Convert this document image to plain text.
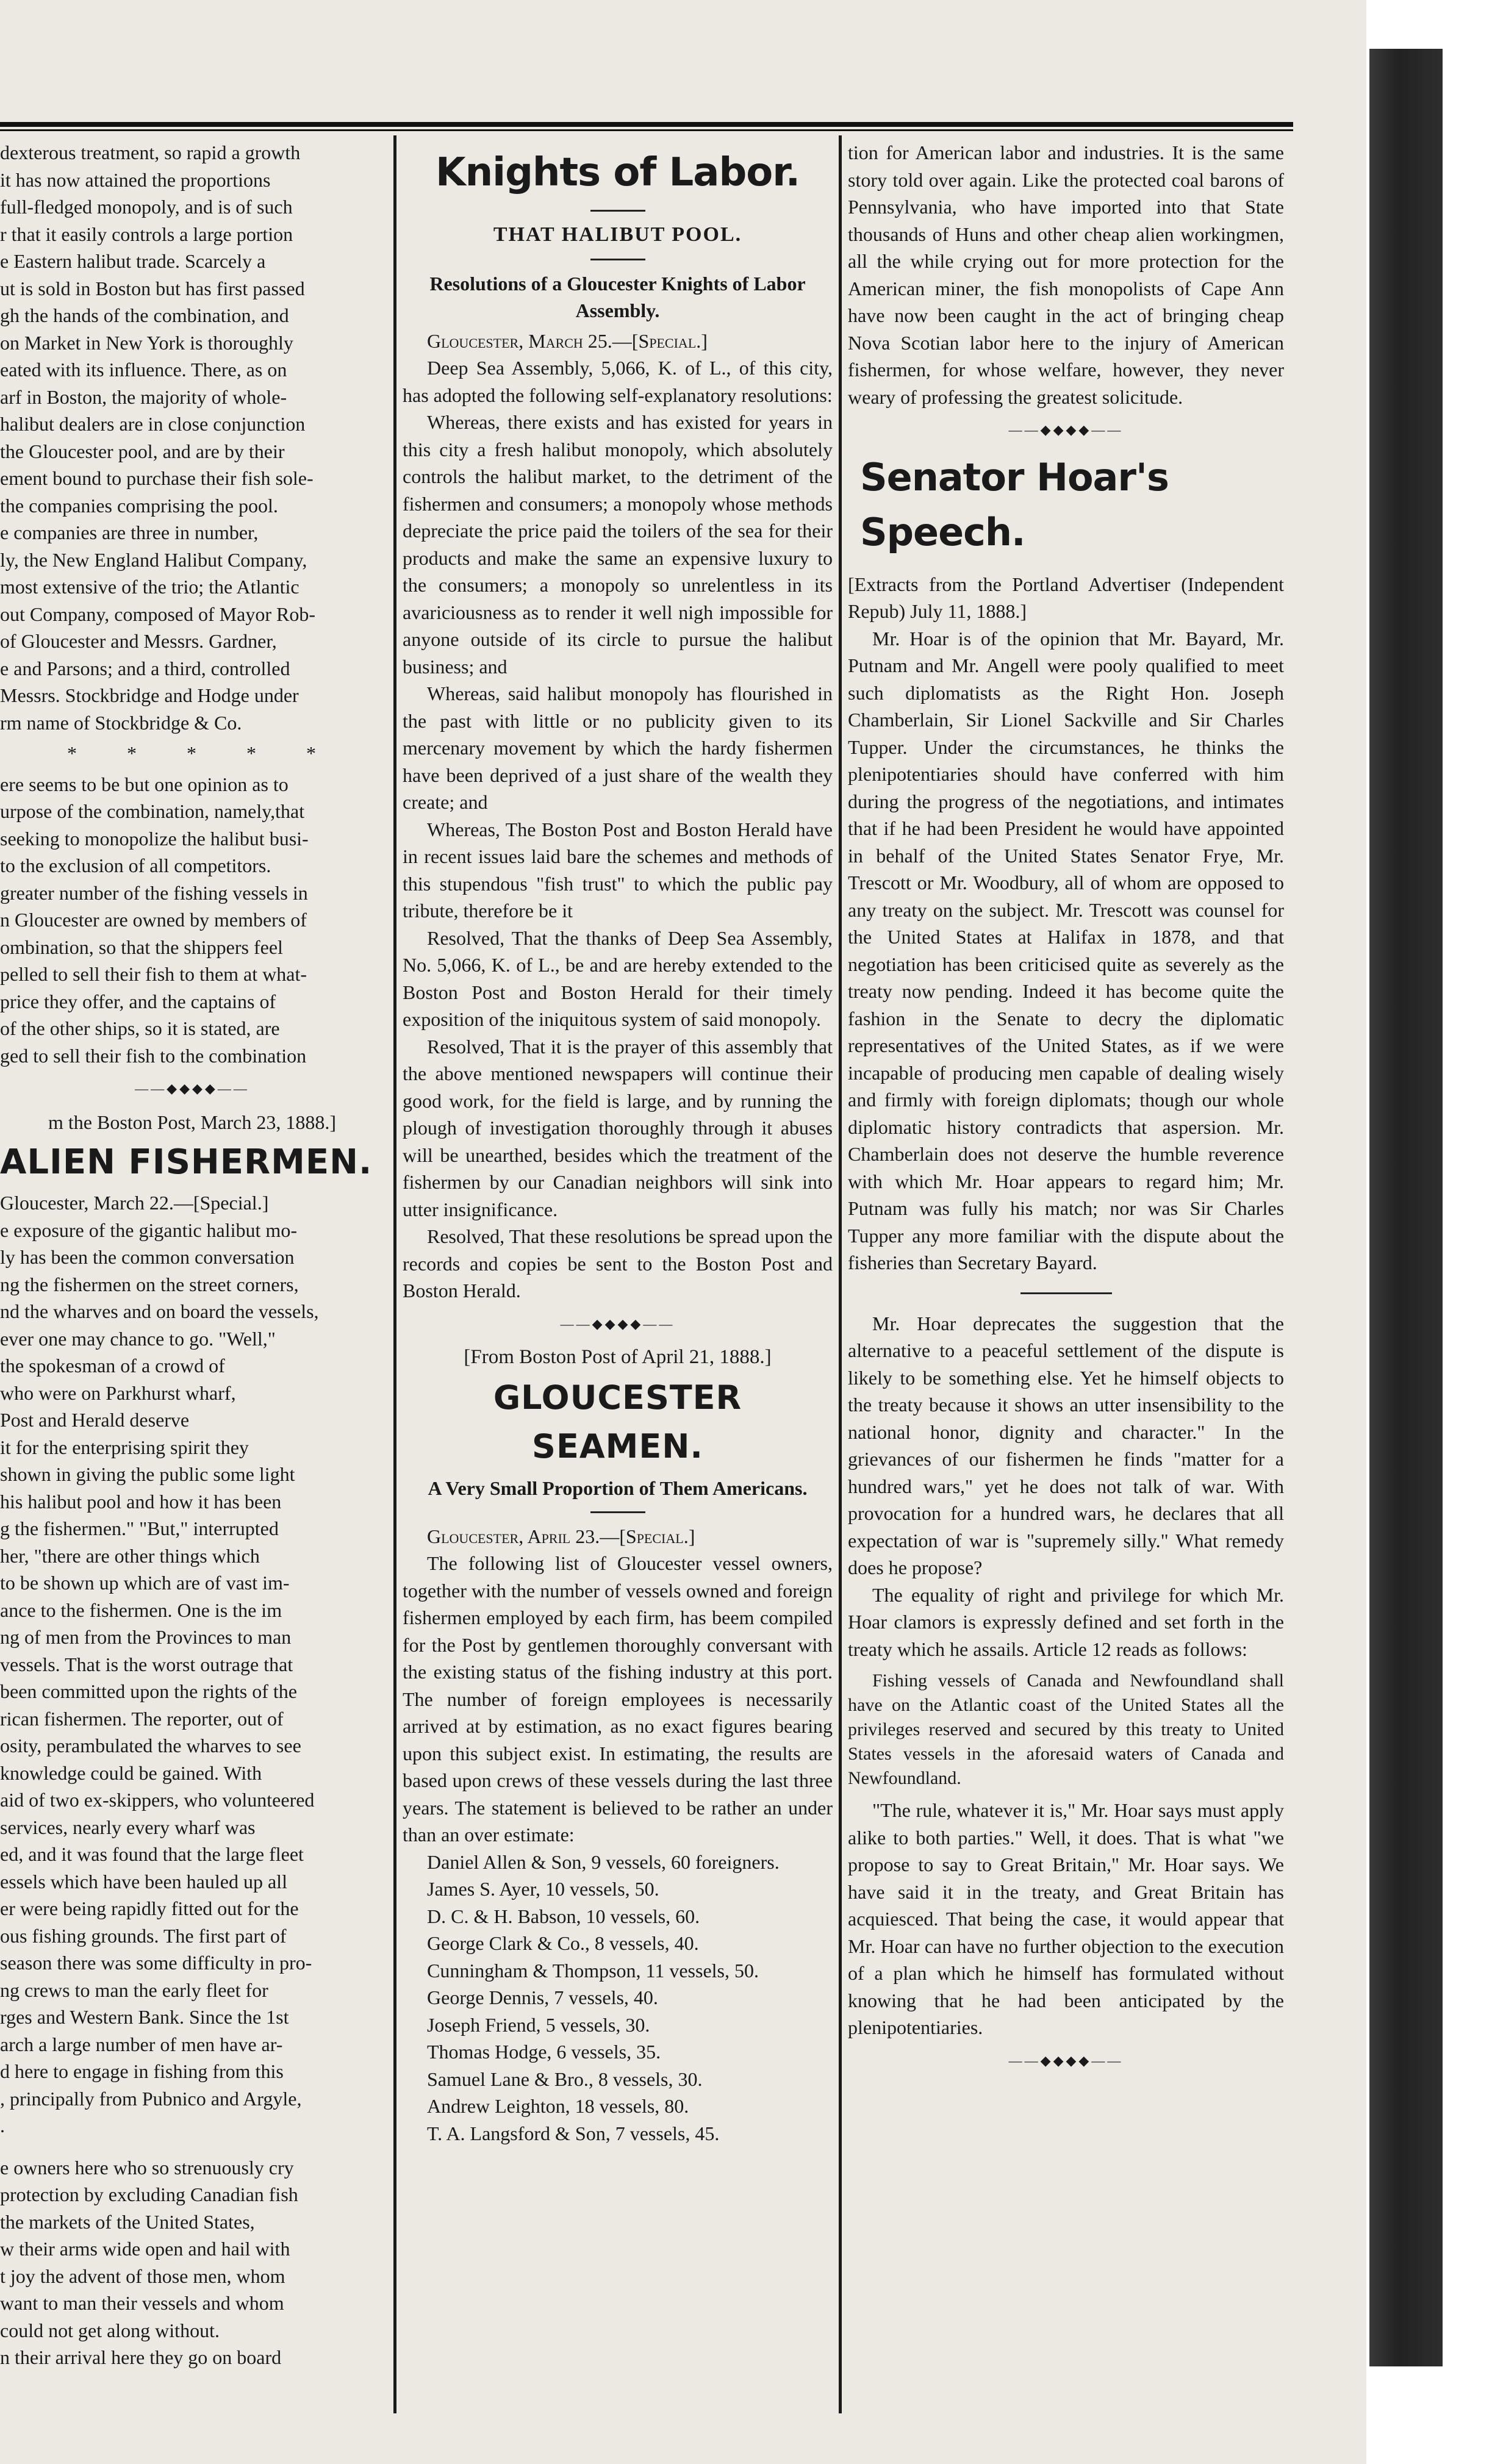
dexterous treatment, so rapid a growth

it has now attained the proportions

full-fledged monopoly, and is of such

r that it easily controls a large portion

e Eastern halibut trade. Scarcely a

ut is sold in Boston but has first passed

gh the hands of the combination, and

on Market in New York is thoroughly

eated with its influence. There, as on

arf in Boston, the majority of whole-

halibut dealers are in close conjunction

the Gloucester pool, and are by their

ement bound to purchase their fish sole-

the companies comprising the pool.

e companies are three in number,

ly, the New England Halibut Company,

most extensive of the trio; the Atlantic

out Company, composed of Mayor Rob-

of Gloucester and Messrs. Gardner,

e and Parsons; and a third, controlled

Messrs. Stockbridge and Hodge under

rm name of Stockbridge & Co.

*        *        *        *        *

ere seems to be but one opinion as to

urpose of the combination, namely,that

seeking to monopolize the halibut busi-

to the exclusion of all competitors.

greater number of the fishing vessels in

n Gloucester are owned by members of

ombination, so that the shippers feel

pelled to sell their fish to them at what-

price they offer, and the captains of

of the other ships, so it is stated, are

ged to sell their fish to the combination

——◆◆◆◆——

m the Boston Post, March 23, 1888.]

ALIEN FISHERMEN.

Gloucester, March 22.—[Special.]

e exposure of the gigantic halibut mo-

ly has been the common conversation

ng the fishermen on the street corners,

nd the wharves and on board the vessels,

ever one may chance to go. "Well,"

the spokesman of a crowd of

who were on Parkhurst wharf,

Post and Herald deserve

it for the enterprising spirit they

shown in giving the public some light

his halibut pool and how it has been

g the fishermen." "But," interrupted

her, "there are other things which

to be shown up which are of vast im-

ance to the fishermen. One is the im

ng of men from the Provinces to man

vessels. That is the worst outrage that

been committed upon the rights of the

rican fishermen. The reporter, out of

osity, perambulated the wharves to see

knowledge could be gained. With

aid of two ex-skippers, who volunteered

services, nearly every wharf was

ed, and it was found that the large fleet

essels which have been hauled up all

er were being rapidly fitted out for the

ous fishing grounds. The first part of

season there was some difficulty in pro-

ng crews to man the early fleet for

rges and Western Bank. Since the 1st

arch a large number of men have ar-

d here to engage in fishing from this

, principally from Pubnico and Argyle,

.

e owners here who so strenuously cry

protection by excluding Canadian fish

the markets of the United States,

w their arms wide open and hail with

t joy the advent of those men, whom

want to man their vessels and whom

could not get along without.

n their arrival here they go on board

Knights of Labor.
THAT HALIBUT POOL.
Resolutions of a Gloucester Knights of Labor Assembly.

Gloucester, March 25.—[Special.]

Deep Sea Assembly, 5,066, K. of L., of this city, has adopted the following self-explanatory resolutions:

Whereas, there exists and has existed for years in this city a fresh halibut monopoly, which absolutely controls the halibut market, to the detriment of the fishermen and consumers; a monopoly whose methods depreciate the price paid the toilers of the sea for their products and make the same an expensive luxury to the consumers; a monopoly so unrelentless in its avariciousness as to render it well nigh impossible for anyone outside of its circle to pursue the halibut business; and

Whereas, said halibut monopoly has flourished in the past with little or no publicity given to its mercenary movement by which the hardy fishermen have been deprived of a just share of the wealth they create; and

Whereas, The Boston Post and Boston Herald have in recent issues laid bare the schemes and methods of this stupendous "fish trust" to which the public pay tribute, therefore be it

Resolved, That the thanks of Deep Sea Assembly, No. 5,066, K. of L., be and are hereby extended to the Boston Post and Boston Herald for their timely exposition of the iniquitous system of said monopoly.

Resolved, That it is the prayer of this assembly that the above mentioned newspapers will continue their good work, for the field is large, and by running the plough of investigation thoroughly through it abuses will be unearthed, besides which the treatment of the fishermen by our Canadian neighbors will sink into utter insignificance.

Resolved, That these resolutions be spread upon the records and copies be sent to the Boston Post and Boston Herald.

——◆◆◆◆——

[From Boston Post of April 21, 1888.]

GLOUCESTER SEAMEN.
A Very Small Proportion of Them Americans.

Gloucester, April 23.—[Special.]

The following list of Gloucester vessel owners, together with the number of vessels owned and foreign fishermen employed by each firm, has beem compiled for the Post by gentlemen thoroughly conversant with the existing status of the fishing industry at this port. The number of foreign employees is necessarily arrived at by estimation, as no exact figures bearing upon this subject exist. In estimating, the results are based upon crews of these vessels during the last three years. The statement is believed to be rather an under than an over estimate:

Daniel Allen & Son, 9 vessels, 60 foreigners.

James S. Ayer, 10 vessels, 50.

D. C. & H. Babson, 10 vessels, 60.

George Clark & Co., 8 vessels, 40.

Cunningham & Thompson, 11 vessels, 50.

George Dennis, 7 vessels, 40.

Joseph Friend, 5 vessels, 30.

Thomas Hodge, 6 vessels, 35.

Samuel Lane & Bro., 8 vessels, 30.

Andrew Leighton, 18 vessels, 80.

T. A. Langsford & Son, 7 vessels, 45.

tion for American labor and industries. It is the same story told over again. Like the protected coal barons of Pennsylvania, who have imported into that State thousands of Huns and other cheap alien workingmen, all the while crying out for more protection for the American miner, the fish monopolists of Cape Ann have now been caught in the act of bringing cheap Nova Scotian labor here to the injury of American fishermen, for whose welfare, however, they never weary of professing the greatest solicitude.

——◆◆◆◆——
Senator Hoar's Speech.

[Extracts from the Portland Advertiser (Independent Repub) July 11, 1888.]

Mr. Hoar is of the opinion that Mr. Bayard, Mr. Putnam and Mr. Angell were pooly qualified to meet such diplomatists as the Right Hon. Joseph Chamberlain, Sir Lionel Sackville and Sir Charles Tupper. Under the circumstances, he thinks the plenipotentiaries should have conferred with him during the progress of the negotiations, and intimates that if he had been President he would have appointed in behalf of the United States Senator Frye, Mr. Trescott or Mr. Woodbury, all of whom are opposed to any treaty on the subject. Mr. Trescott was counsel for the United States at Halifax in 1878, and that negotiation has been criticised quite as severely as the treaty now pending. Indeed it has become quite the fashion in the Senate to decry the diplomatic representatives of the United States, as if we were incapable of producing men capable of dealing wisely and firmly with foreign diplomats; though our whole diplomatic history contradicts that aspersion. Mr. Chamberlain does not deserve the humble reverence with which Mr. Hoar appears to regard him; Mr. Putnam was fully his match; nor was Sir Charles Tupper any more familiar with the dispute about the fisheries than Secretary Bayard.

Mr. Hoar deprecates the suggestion that the alternative to a peaceful settlement of the dispute is likely to be something else. Yet he himself objects to the treaty because it shows an utter insensibility to the national honor, dignity and character." In the grievances of our fishermen he finds "matter for a hundred wars," yet he does not talk of war. With provocation for a hundred wars, he declares that all expectation of war is "supremely silly." What remedy does he propose?

The equality of right and privilege for which Mr. Hoar clamors is expressly defined and set forth in the treaty which he assails. Article 12 reads as follows:

Fishing vessels of Canada and Newfoundland shall have on the Atlantic coast of the United States all the privileges reserved and secured by this treaty to United States vessels in the aforesaid waters of Canada and Newfoundland.

"The rule, whatever it is," Mr. Hoar says must apply alike to both parties." Well, it does. That is what "we propose to say to Great Britain," Mr. Hoar says. We have said it in the treaty, and Great Britain has acquiesced. That being the case, it would appear that Mr. Hoar can have no further objection to the execution of a plan which he himself has formulated without knowing that he had been anticipated by the plenipotentiaries.

——◆◆◆◆——
